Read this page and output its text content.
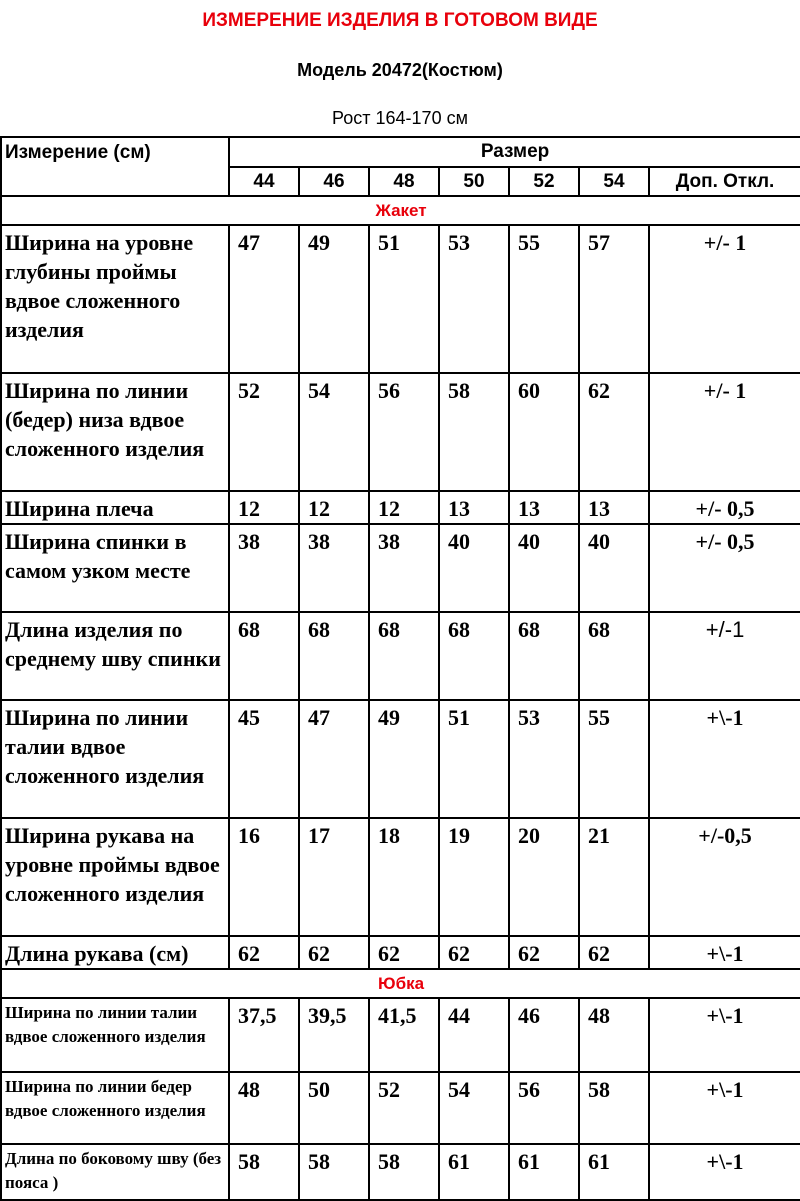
ИЗМЕРЕНИЕ ИЗДЕЛИЯ В ГОТОВОМ ВИДЕ
Модель 20472(Костюм)
Рост 164-170 см
Измерение (см)	Размер						
	44	46	48	50	52	54	Доп. Откл.
Жакет							
Ширина на уровне глубины проймы вдвое сложенного изделия	47	49	51	53	55	57	+/- 1
Ширина по линии (бедер) низа вдвое сложенного изделия	52	54	56	58	60	62	+/- 1
Ширина плеча	12	12	12	13	13	13	+/- 0,5
Ширина спинки в самом узком месте	38	38	38	40	40	40	+/- 0,5
Длина изделия по среднему шву спинки	68	68	68	68	68	68	+/-1
Ширина по линии талии вдвое сложенного изделия	45	47	49	51	53	55	+\-1
Ширина рукава на уровне проймы вдвое сложенного изделия	16	17	18	19	20	21	+/-0,5
Длина рукава (см)	62	62	62	62	62	62	+\-1
Юбка							
Ширина по линии талии вдвое сложенного изделия	37,5	39,5	41,5	44	46	48	+\-1
Ширина по линии бедер вдвое сложенного изделия	48	50	52	54	56	58	+\-1
Длина по боковому шву (без пояса )	58	58	58	61	61	61	+\-1
